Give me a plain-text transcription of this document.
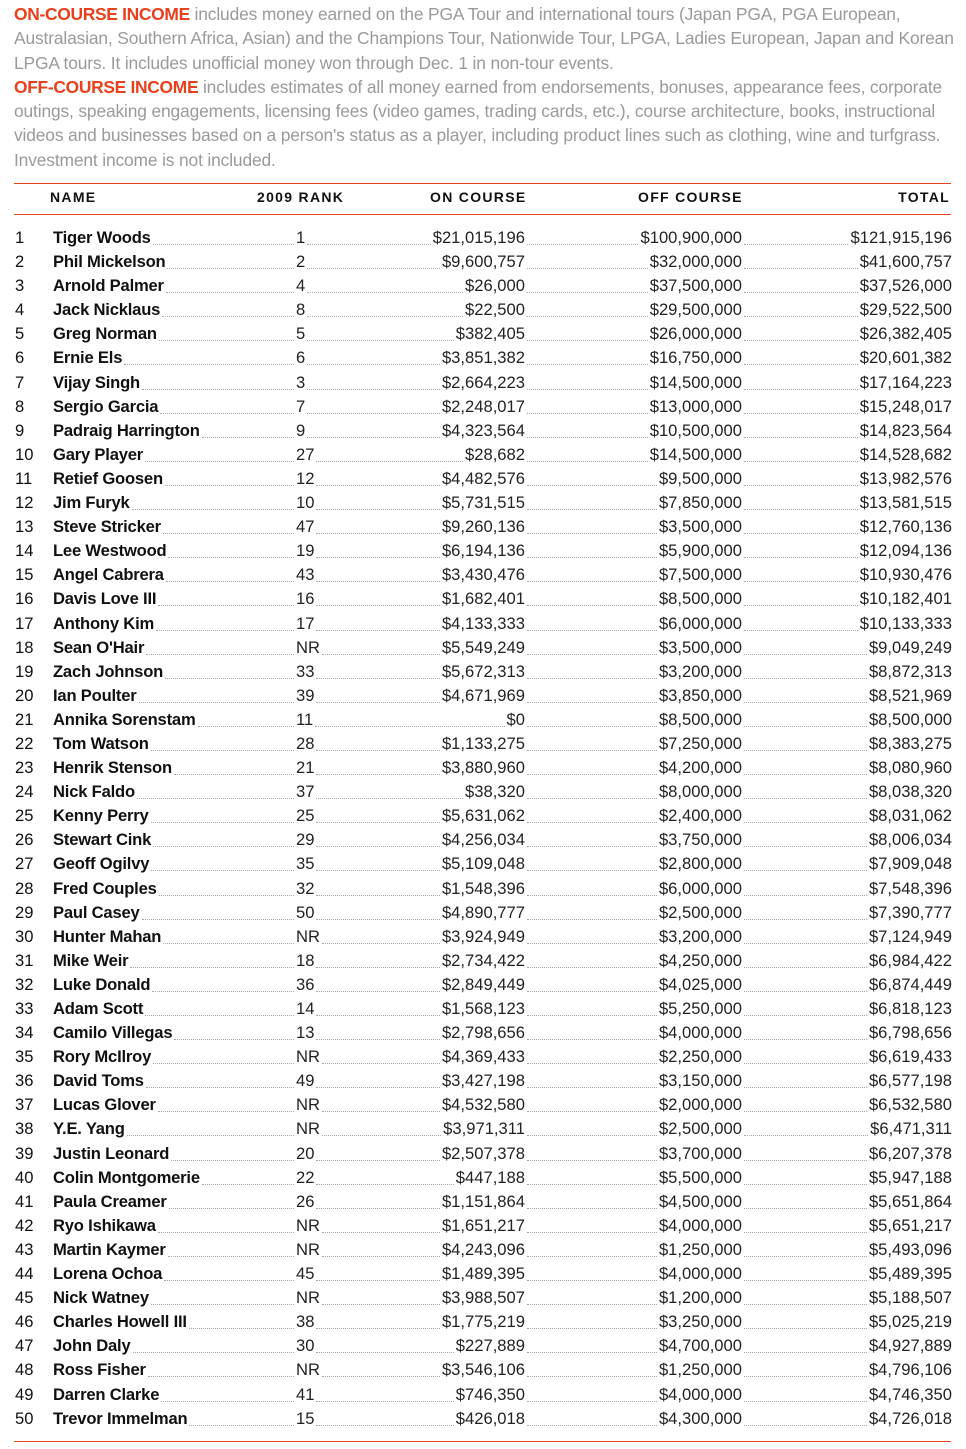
ON-COURSE INCOME includes money earned on the PGA Tour and international tours (Japan PGA, PGA European, Australasian, Southern Africa, Asian) and the Champions Tour, Nationwide Tour, LPGA, Ladies European, Japan and Korean LPGA tours. It includes unofficial money won through Dec. 1 in non-tour events.
OFF-COURSE INCOME includes estimates of all money earned from endorsements, bonuses, appearance fees, corporate outings, speaking engagements, licensing fees (video games, trading cards, etc.), course architecture, books, instructional videos and businesses based on a person's status as a player, including product lines such as clothing, wine and turfgrass. Investment income is not included.
NAME	2009 RANK	ON COURSE	OFF COURSE	TOTAL
1 Tiger Woods	1	$21,015,196	$100,900,000	$121,915,196
2 Phil Mickelson	2	$9,600,757	$32,000,000	$41,600,757
3 Arnold Palmer	4	$26,000	$37,500,000	$37,526,000
4 Jack Nicklaus	8	$22,500	$29,500,000	$29,522,500
5 Greg Norman	5	$382,405	$26,000,000	$26,382,405
6 Ernie Els	6	$3,851,382	$16,750,000	$20,601,382
7 Vijay Singh	3	$2,664,223	$14,500,000	$17,164,223
8 Sergio Garcia	7	$2,248,017	$13,000,000	$15,248,017
9 Padraig Harrington	9	$4,323,564	$10,500,000	$14,823,564
10 Gary Player	27	$28,682	$14,500,000	$14,528,682
11 Retief Goosen	12	$4,482,576	$9,500,000	$13,982,576
12 Jim Furyk	10	$5,731,515	$7,850,000	$13,581,515
13 Steve Stricker	47	$9,260,136	$3,500,000	$12,760,136
14 Lee Westwood	19	$6,194,136	$5,900,000	$12,094,136
15 Angel Cabrera	43	$3,430,476	$7,500,000	$10,930,476
16 Davis Love III	16	$1,682,401	$8,500,000	$10,182,401
17 Anthony Kim	17	$4,133,333	$6,000,000	$10,133,333
18 Sean O'Hair	NR	$5,549,249	$3,500,000	$9,049,249
19 Zach Johnson	33	$5,672,313	$3,200,000	$8,872,313
20 Ian Poulter	39	$4,671,969	$3,850,000	$8,521,969
21 Annika Sorenstam	11	$0	$8,500,000	$8,500,000
22 Tom Watson	28	$1,133,275	$7,250,000	$8,383,275
23 Henrik Stenson	21	$3,880,960	$4,200,000	$8,080,960
24 Nick Faldo	37	$38,320	$8,000,000	$8,038,320
25 Kenny Perry	25	$5,631,062	$2,400,000	$8,031,062
26 Stewart Cink	29	$4,256,034	$3,750,000	$8,006,034
27 Geoff Ogilvy	35	$5,109,048	$2,800,000	$7,909,048
28 Fred Couples	32	$1,548,396	$6,000,000	$7,548,396
29 Paul Casey	50	$4,890,777	$2,500,000	$7,390,777
30 Hunter Mahan	NR	$3,924,949	$3,200,000	$7,124,949
31 Mike Weir	18	$2,734,422	$4,250,000	$6,984,422
32 Luke Donald	36	$2,849,449	$4,025,000	$6,874,449
33 Adam Scott	14	$1,568,123	$5,250,000	$6,818,123
34 Camilo Villegas	13	$2,798,656	$4,000,000	$6,798,656
35 Rory McIlroy	NR	$4,369,433	$2,250,000	$6,619,433
36 David Toms	49	$3,427,198	$3,150,000	$6,577,198
37 Lucas Glover	NR	$4,532,580	$2,000,000	$6,532,580
38 Y.E. Yang	NR	$3,971,311	$2,500,000	$6,471,311
39 Justin Leonard	20	$2,507,378	$3,700,000	$6,207,378
40 Colin Montgomerie	22	$447,188	$5,500,000	$5,947,188
41 Paula Creamer	26	$1,151,864	$4,500,000	$5,651,864
42 Ryo Ishikawa	NR	$1,651,217	$4,000,000	$5,651,217
43 Martin Kaymer	NR	$4,243,096	$1,250,000	$5,493,096
44 Lorena Ochoa	45	$1,489,395	$4,000,000	$5,489,395
45 Nick Watney	NR	$3,988,507	$1,200,000	$5,188,507
46 Charles Howell III	38	$1,775,219	$3,250,000	$5,025,219
47 John Daly	30	$227,889	$4,700,000	$4,927,889
48 Ross Fisher	NR	$3,546,106	$1,250,000	$4,796,106
49 Darren Clarke	41	$746,350	$4,000,000	$4,746,350
50 Trevor Immelman	15	$426,018	$4,300,000	$4,726,018
